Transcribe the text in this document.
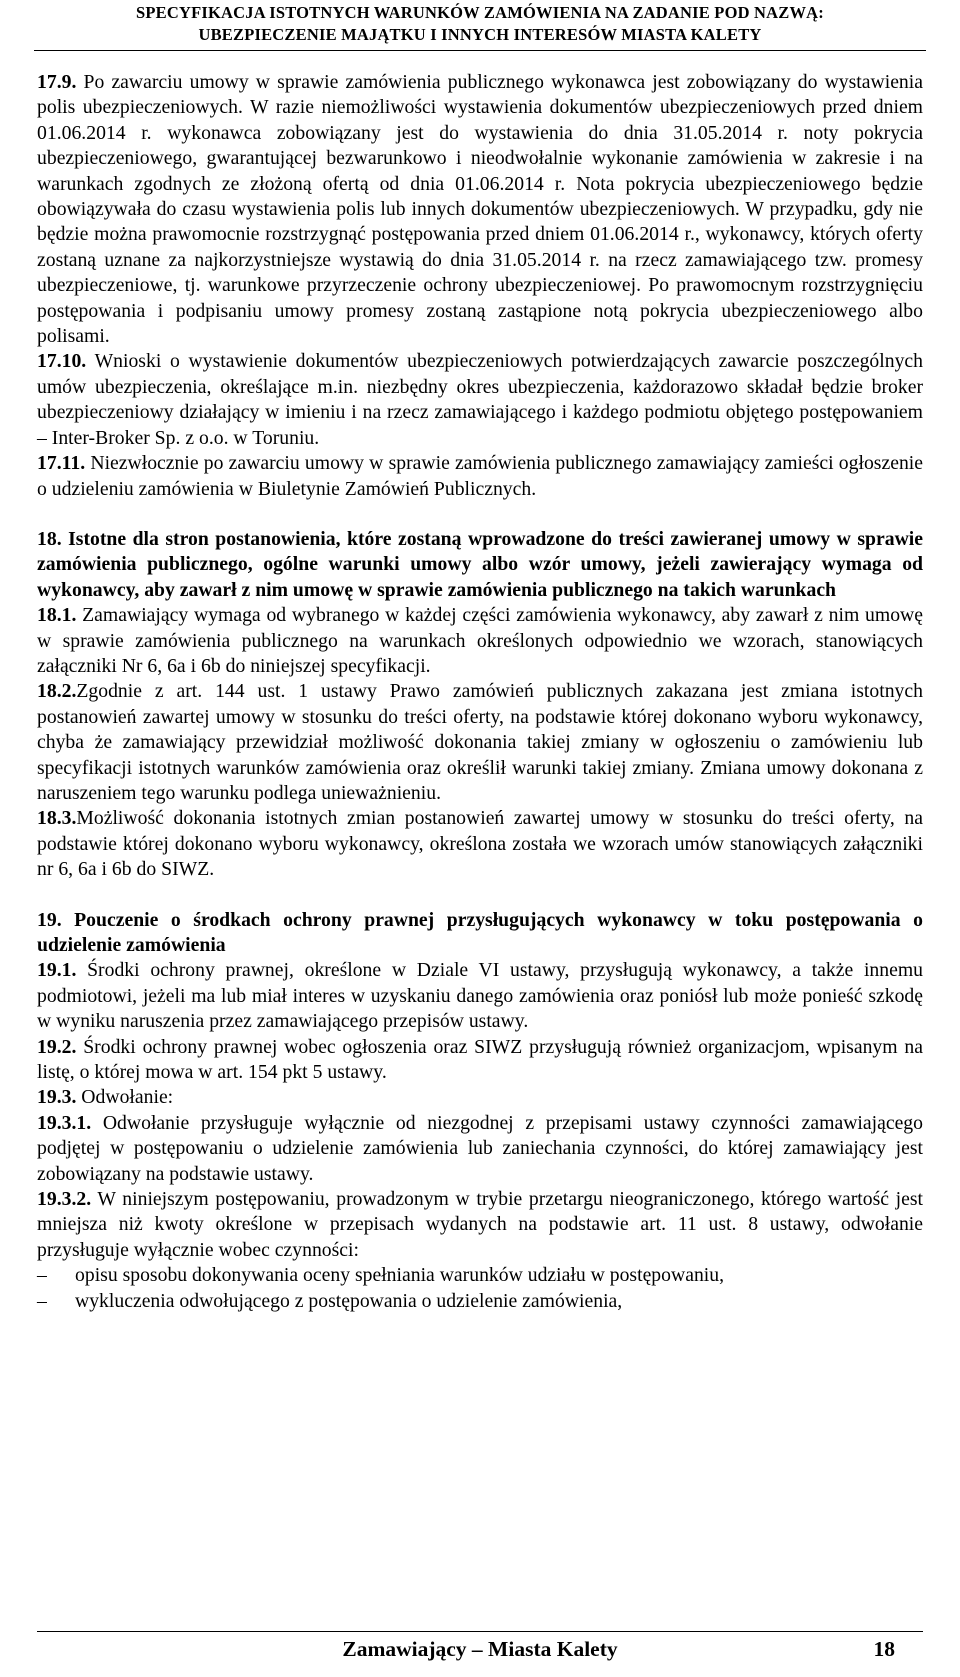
SPECYFIKACJA ISTOTNYCH WARUNKÓW ZAMÓWIENIA NA ZADANIE POD NAZWĄ:
UBEZPIECZENIE MAJĄTKU I INNYCH INTERESÓW MIASTA KALETY

17.9. Po zawarciu umowy w sprawie zamówienia publicznego wykonawca jest zobowiązany do wystawienia polis ubezpieczeniowych. W razie niemożliwości wystawienia dokumentów ubezpieczeniowych przed dniem 01.06.2014 r. wykonawca zobowiązany jest do wystawienia do dnia 31.05.2014 r. noty pokrycia ubezpieczeniowego, gwarantującej bezwarunkowo i nieodwołalnie wykonanie zamówienia w zakresie i na warunkach zgodnych ze złożoną ofertą od dnia 01.06.2014 r. Nota pokrycia ubezpieczeniowego będzie obowiązywała do czasu wystawienia polis lub innych dokumentów ubezpieczeniowych. W przypadku, gdy nie będzie można prawomocnie rozstrzygnąć postępowania przed dniem 01.06.2014 r., wykonawcy, których oferty zostaną uznane za najkorzystniejsze wystawią do dnia 31.05.2014 r. na rzecz zamawiającego tzw. promesy ubezpieczeniowe, tj. warunkowe przyrzeczenie ochrony ubezpieczeniowej. Po prawomocnym rozstrzygnięciu postępowania i podpisaniu umowy promesy zostaną zastąpione notą pokrycia ubezpieczeniowego albo polisami.

17.10. Wnioski o wystawienie dokumentów ubezpieczeniowych potwierdzających zawarcie poszczególnych umów ubezpieczenia, określające m.in. niezbędny okres ubezpieczenia, każdorazowo składał będzie broker ubezpieczeniowy działający w imieniu i na rzecz zamawiającego i każdego podmiotu objętego postępowaniem – Inter-Broker Sp. z o.o. w Toruniu.

17.11. Niezwłocznie po zawarciu umowy w sprawie zamówienia publicznego zamawiający zamieści ogłoszenie o udzieleniu zamówienia w Biuletynie Zamówień Publicznych.

18. Istotne dla stron postanowienia, które zostaną wprowadzone do treści zawieranej umowy w sprawie zamówienia publicznego, ogólne warunki umowy albo wzór umowy, jeżeli zawierający wymaga od wykonawcy, aby zawarł z nim umowę w sprawie zamówienia publicznego na takich warunkach

18.1. Zamawiający wymaga od wybranego w każdej części zamówienia wykonawcy, aby zawarł z nim umowę w sprawie zamówienia publicznego na warunkach określonych odpowiednio we wzorach, stanowiących załączniki Nr 6, 6a i 6b do niniejszej specyfikacji.

18.2.Zgodnie z art. 144 ust. 1 ustawy Prawo zamówień publicznych zakazana jest zmiana istotnych postanowień zawartej umowy w stosunku do treści oferty, na podstawie której dokonano wyboru wykonawcy, chyba że zamawiający przewidział możliwość dokonania takiej zmiany w ogłoszeniu o zamówieniu lub specyfikacji istotnych warunków zamówienia oraz określił warunki takiej zmiany. Zmiana umowy dokonana z naruszeniem tego warunku podlega unieważnieniu.

18.3.Możliwość dokonania istotnych zmian postanowień zawartej umowy w stosunku do treści oferty, na podstawie której dokonano wyboru wykonawcy, określona została we wzorach umów stanowiących załączniki nr 6, 6a i 6b do SIWZ.

19. Pouczenie o środkach ochrony prawnej przysługujących wykonawcy w toku postępowania o udzielenie zamówienia

19.1. Środki ochrony prawnej, określone w Dziale VI ustawy, przysługują wykonawcy, a także innemu podmiotowi, jeżeli ma lub miał interes w uzyskaniu danego zamówienia oraz poniósł lub może ponieść szkodę w wyniku naruszenia przez zamawiającego przepisów ustawy.

19.2. Środki ochrony prawnej wobec ogłoszenia oraz SIWZ przysługują również organizacjom, wpisanym na listę, o której mowa w art. 154 pkt 5 ustawy.

19.3. Odwołanie:

19.3.1. Odwołanie przysługuje wyłącznie od niezgodnej z przepisami ustawy czynności zamawiającego podjętej w postępowaniu o udzielenie zamówienia lub zaniechania czynności, do której zamawiający jest zobowiązany na podstawie ustawy.

19.3.2. W niniejszym postępowaniu, prowadzonym w trybie przetargu nieograniczonego, którego wartość jest mniejsza niż kwoty określone w przepisach wydanych na podstawie art. 11 ust. 8 ustawy, odwołanie przysługuje wyłącznie wobec czynności:

–	opisu sposobu dokonywania oceny spełniania warunków udziału w postępowaniu,
–	wykluczenia odwołującego z postępowania o udzielenie zamówienia,
Zamawiający – Miasta Kalety	18
